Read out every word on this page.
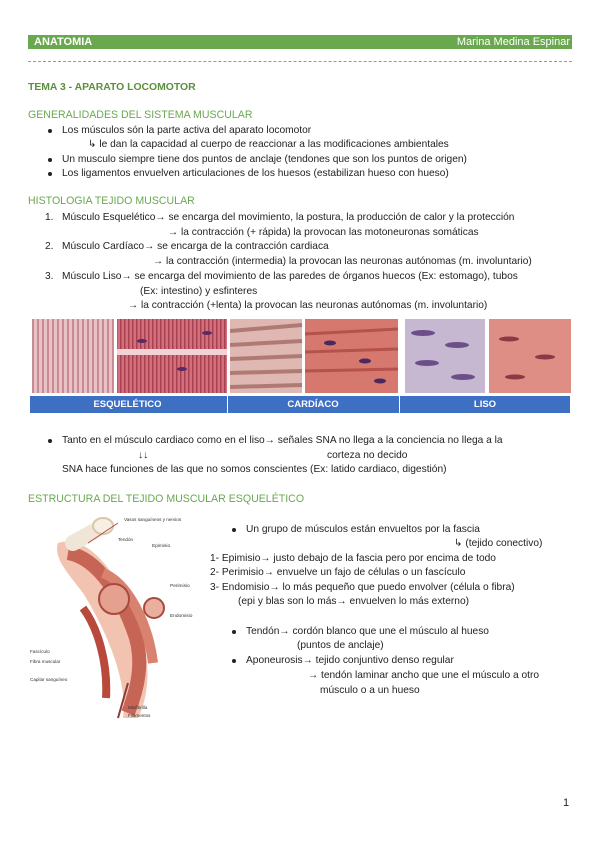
ANATOMIA	Marina Medina Espinar
TEMA 3 - APARATO LOCOMOTOR
GENERALIDADES DEL SISTEMA MUSCULAR
Los músculos són la parte activa del aparato locomotor
↳ le dan la capacidad al cuerpo de reaccionar a las modificaciones ambientales
Un musculo siempre tiene dos puntos de anclaje (tendones que son los puntos de origen)
Los ligamentos envuelven articulaciones de los huesos (estabilizan hueso con hueso)
HISTOLOGIA TEJIDO MUSCULAR
1. Músculo Esquelético→ se encarga del movimiento, la postura, la producción de calor y la protección
→ la contracción (+ rápida) la provocan las motoneuronas somáticas
2. Músculo Cardíaco→ se encarga de la contracción cardiaca
→ la contracción (intermedia) la provocan las neuronas autónomas (m. involuntario)
3. Músculo Liso→ se encarga del movimiento de las paredes de órganos huecos (Ex: estomago), tubos
(Ex: intestino) y esfinteres
→ la contracción (+lenta) la provocan las neuronas autónomas (m. involuntario)
ESQUELÉTICO	CARDÍACO	LISO
Tanto en el músculo cardiaco como en el liso→ señales SNA no llega a la conciencia no llega a la
↓↓	corteza no decido
SNA hace funciones de las que no somos conscientes (Ex: latido cardiaco, digestión)
ESTRUCTURA DEL TEJIDO MUSCULAR ESQUELÉTICO
Vasos sanguíneos y nervios
Tendón
Epimisio
Perimisio
Endomisio
Fascículo
Fibra muscular
Capilar sanguíneo
Miofibrilla
Filamentos
Un grupo de músculos están envueltos por la fascia
↳ (tejido conectivo)
1- Epimisio→ justo debajo de la fascia pero por encima de todo
2- Perimisio→ envuelve un fajo de células o un fascículo
3- Endomisio→ lo más pequeño que puedo envolver (célula o fibra)
(epi y blas son lo más→ envuelven lo más externo)
Tendón→ cordón blanco que une el músculo al hueso
(puntos de anclaje)
Aponeurosis→ tejido conjuntivo denso regular
→ tendón laminar ancho que une el músculo a otro
músculo o a un hueso
1
